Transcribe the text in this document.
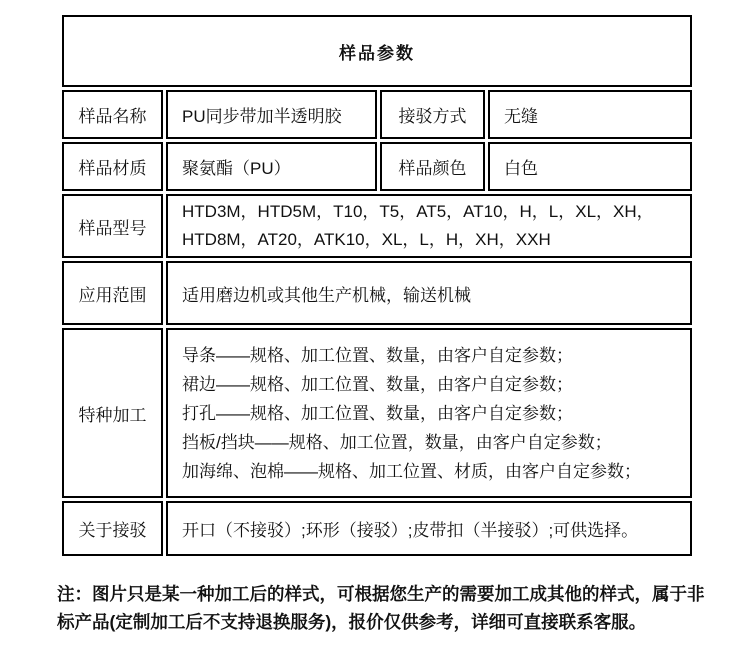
样品参数			
样品名称	PU同步带加半透明胶	接驳方式	无缝
样品材质	聚氨酯（PU）	样品颜色	白色
样品型号	HTD3M，HTD5M，T10，T5，AT5，AT10，H，L，XL，XH，
HTD8M，AT20，ATK10，XL，L，H，XH，XXH		

应用范围	适用磨边机或其他生产机械，输送机械		
特种加工	导条——规格、加工位置、数量，由客户自定参数；
裙边——规格、加工位置、数量，由客户自定参数；
打孔——规格、加工位置、数量，由客户自定参数；
挡板/挡块——规格、加工位置，数量，由客户自定参数；
加海绵、泡棉——规格、加工位置、材质，由客户自定参数；		

关于接驳	开口（不接驳）;环形（接驳）;皮带扣（半接驳）;可供选择。		

注：图片只是某一种加工后的样式，可根据您生产的需要加工成其他的样式，属于非标产品(定制加工后不支持退换服务)，报价仅供参考，详细可直接联系客服。
